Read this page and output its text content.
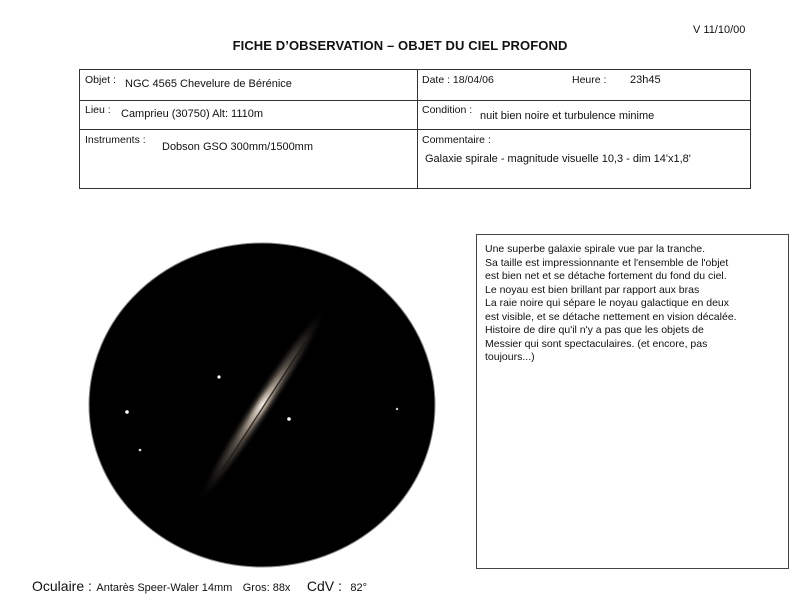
V 11/10/00
FICHE D’OBSERVATION – OBJET DU CIEL PROFOND
Objet : NGC 4565 Chevelure de Bérénice	Date : 18/04/06	Heure : 23h45
Lieu : Camprieu (30750) Alt: 1110m	Condition : nuit bien noire et turbulence minime
Instruments :
Dobson GSO 300mm/1500mm
Commentaire :
Galaxie spirale - magnitude visuelle 10,3 - dim 14'x1,8'
Une superbe galaxie spirale vue par la tranche.
Sa taille est impressionnante et l'ensemble de l'objet
est bien net et se détache fortement du fond du ciel.
Le noyau est bien brillant par rapport aux bras
La raie noire qui sépare le noyau galactique en deux
est visible, et se détache nettement en vision décalée.
Histoire de dire qu'il n'y a pas que les objets de
Messier qui sont spectaculaires. (et encore, pas
toujours...)
Oculaire : Antarès Speer-Waler 14mm Gros: 88x CdV : 82°
